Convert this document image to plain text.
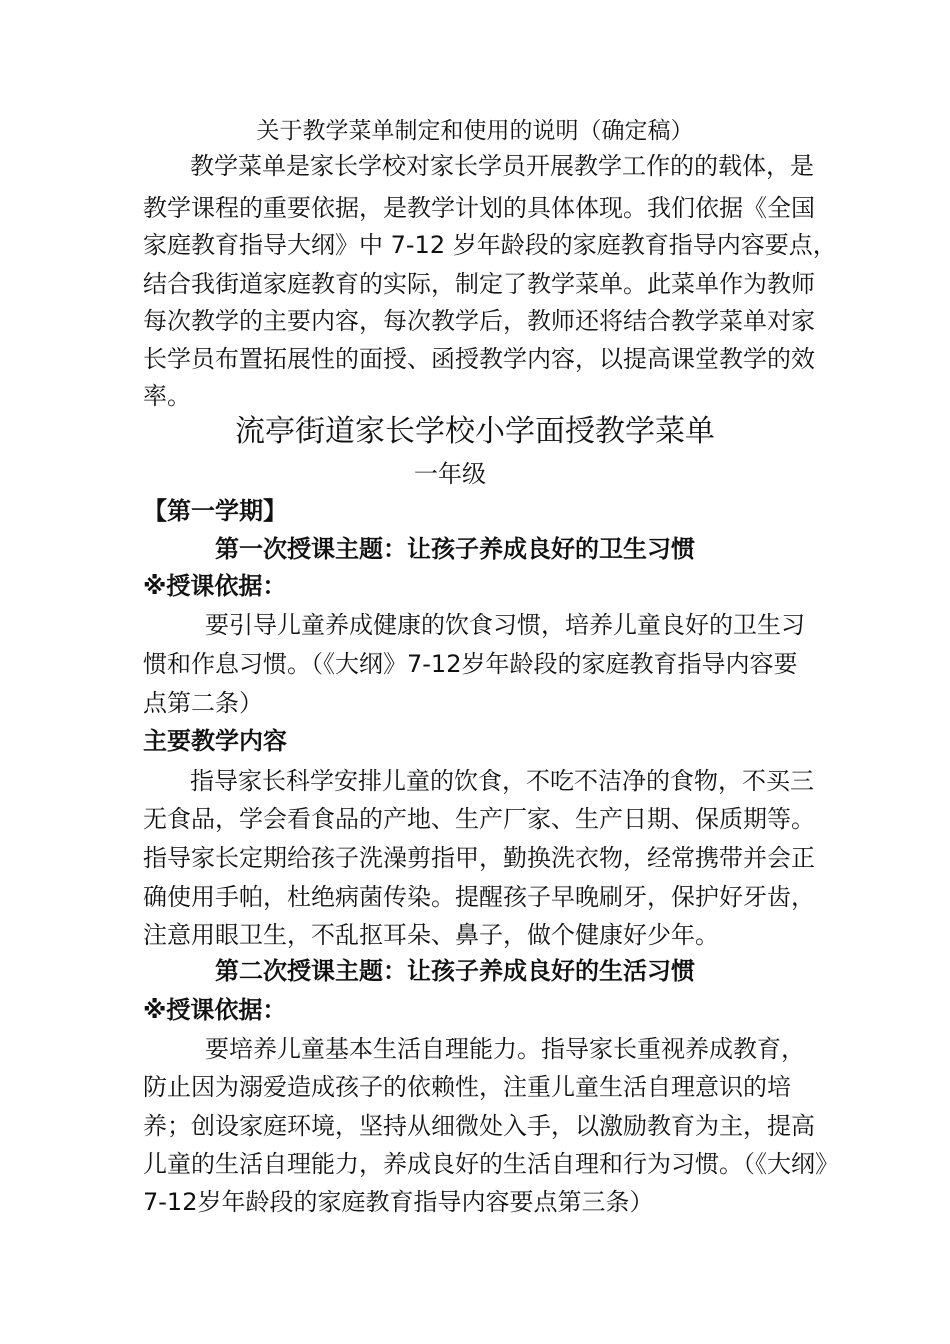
关于教学菜单制定和使用的说明（确定稿）
教学菜单是家长学校对家长学员开展教学工作的的载体，是
教学课程的重要依据，是教学计划的具体体现。我们依据《全国
家庭教育指导大纲》中 7-12 岁年龄段的家庭教育指导内容要点，
结合我街道家庭教育的实际，制定了教学菜单。此菜单作为教师
每次教学的主要内容，每次教学后，教师还将结合教学菜单对家
长学员布置拓展性的面授、函授教学内容，以提高课堂教学的效
率。
流亭街道家长学校小学面授教学菜单
一年级
【第一学期】
第一次授课主题：让孩子养成良好的卫生习惯
※授课依据：
要引导儿童养成健康的饮食习惯，培养儿童良好的卫生习
惯和作息习惯。（《大纲》7-12岁年龄段的家庭教育指导内容要
点第二条）
主要教学内容
指导家长科学安排儿童的饮食，不吃不洁净的食物，不买三
无食品，学会看食品的产地、生产厂家、生产日期、保质期等。
指导家长定期给孩子洗澡剪指甲，勤换洗衣物，经常携带并会正
确使用手帕，杜绝病菌传染。提醒孩子早晚刷牙，保护好牙齿，
注意用眼卫生，不乱抠耳朵、鼻子，做个健康好少年。
第二次授课主题：让孩子养成良好的生活习惯
※授课依据：
要培养儿童基本生活自理能力。指导家长重视养成教育，
防止因为溺爱造成孩子的依赖性，注重儿童生活自理意识的培
养；创设家庭环境，坚持从细微处入手，以激励教育为主，提高
儿童的生活自理能力，养成良好的生活自理和行为习惯。（《大纲》
7-12岁年龄段的家庭教育指导内容要点第三条）
